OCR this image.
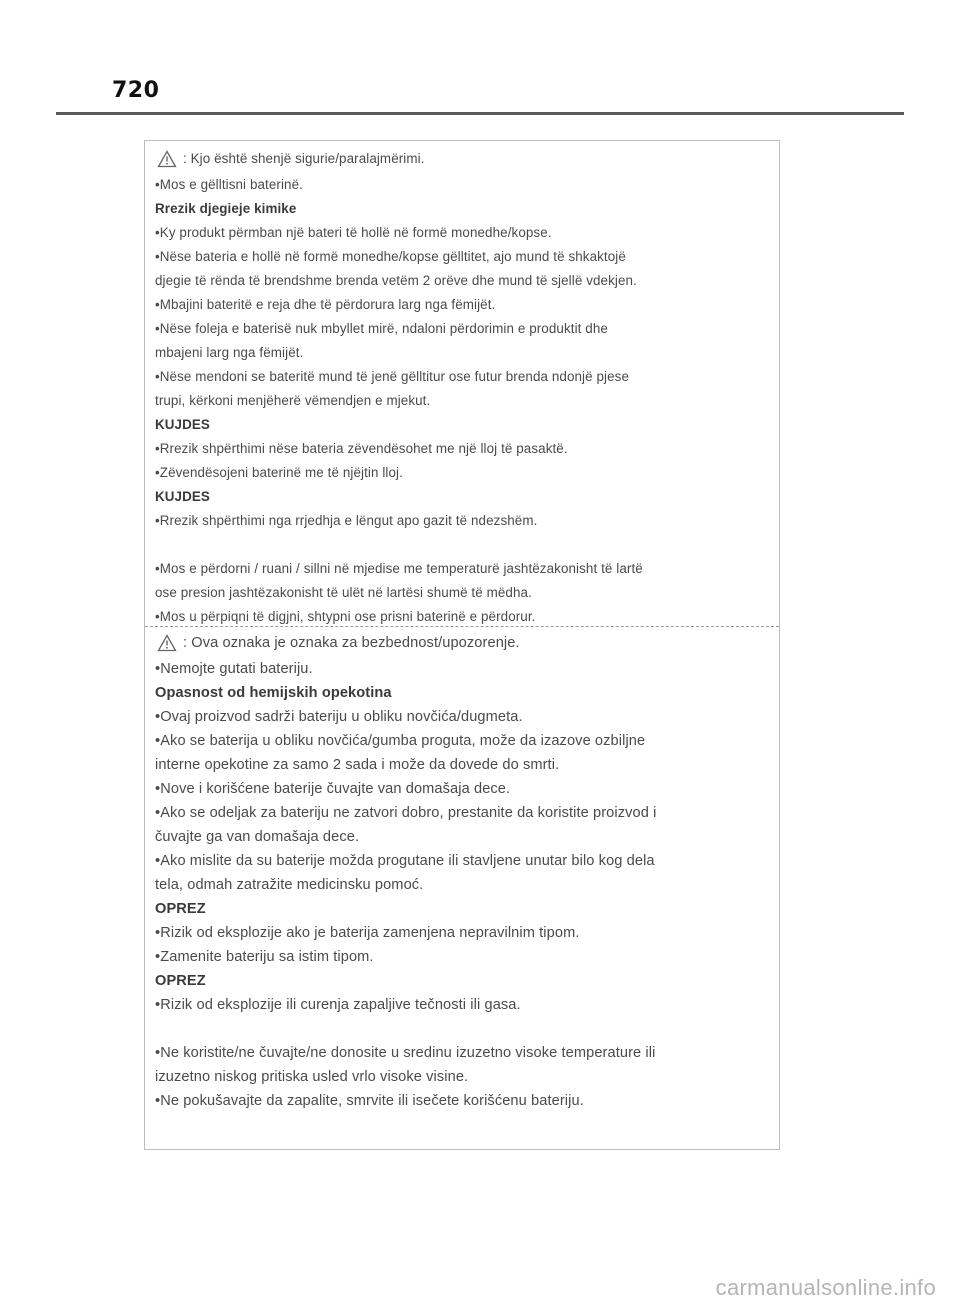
720
: Kjo është shenjë sigurie/paralajmërimi.
•Mos e gëlltisni baterinë.
Rrezik djegieje kimike
•Ky produkt përmban një bateri të hollë në formë monedhe/kopse.
•Nëse bateria e hollë në formë monedhe/kopse gëlltitet, ajo mund të shkaktojë
djegie të rënda të brendshme brenda vetëm 2 orëve dhe mund të sjellë vdekjen.
•Mbajini bateritë e reja dhe të përdorura larg nga fëmijët.
•Nëse foleja e baterisë nuk mbyllet mirë, ndaloni përdorimin e produktit dhe
mbajeni larg nga fëmijët.
•Nëse mendoni se bateritë mund të jenë gëlltitur ose futur brenda ndonjë pjese
trupi, kërkoni menjëherë vëmendjen e mjekut.
KUJDES
•Rrezik shpërthimi nëse bateria zëvendësohet me një lloj të pasaktë.
•Zëvendësojeni baterinë me të njëjtin lloj.
KUJDES
•Rrezik shpërthimi nga rrjedhja e lëngut apo gazit të ndezshëm.
•Mos e përdorni / ruani / sillni në mjedise me temperaturë jashtëzakonisht të lartë
ose presion jashtëzakonisht të ulët në lartësi shumë të mëdha.
•Mos u përpiqni të digjni, shtypni ose prisni baterinë e përdorur.
: Ova oznaka je oznaka za bezbednost/upozorenje.
•Nemojte gutati bateriju.
Opasnost od hemijskih opekotina
•Ovaj proizvod sadrži bateriju u obliku novčića/dugmeta.
•Ako se baterija u obliku novčića/gumba proguta, može da izazove ozbiljne
interne opekotine za samo 2 sada i može da dovede do smrti.
•Nove i korišćene baterije čuvajte van domašaja dece.
•Ako se odeljak za bateriju ne zatvori dobro, prestanite da koristite proizvod i
čuvajte ga van domašaja dece.
•Ako mislite da su baterije možda progutane ili stavljene unutar bilo kog dela
tela, odmah zatražite medicinsku pomoć.
OPREZ
•Rizik od eksplozije ako je baterija zamenjena nepravilnim tipom.
•Zamenite bateriju sa istim tipom.
OPREZ
•Rizik od eksplozije ili curenja zapaljive tečnosti ili gasa.
•Ne koristite/ne čuvajte/ne donosite u sredinu izuzetno visoke temperature ili
izuzetno niskog pritiska usled vrlo visoke visine.
•Ne pokušavajte da zapalite, smrvite ili isečete korišćenu bateriju.
carmanualsonline.info
